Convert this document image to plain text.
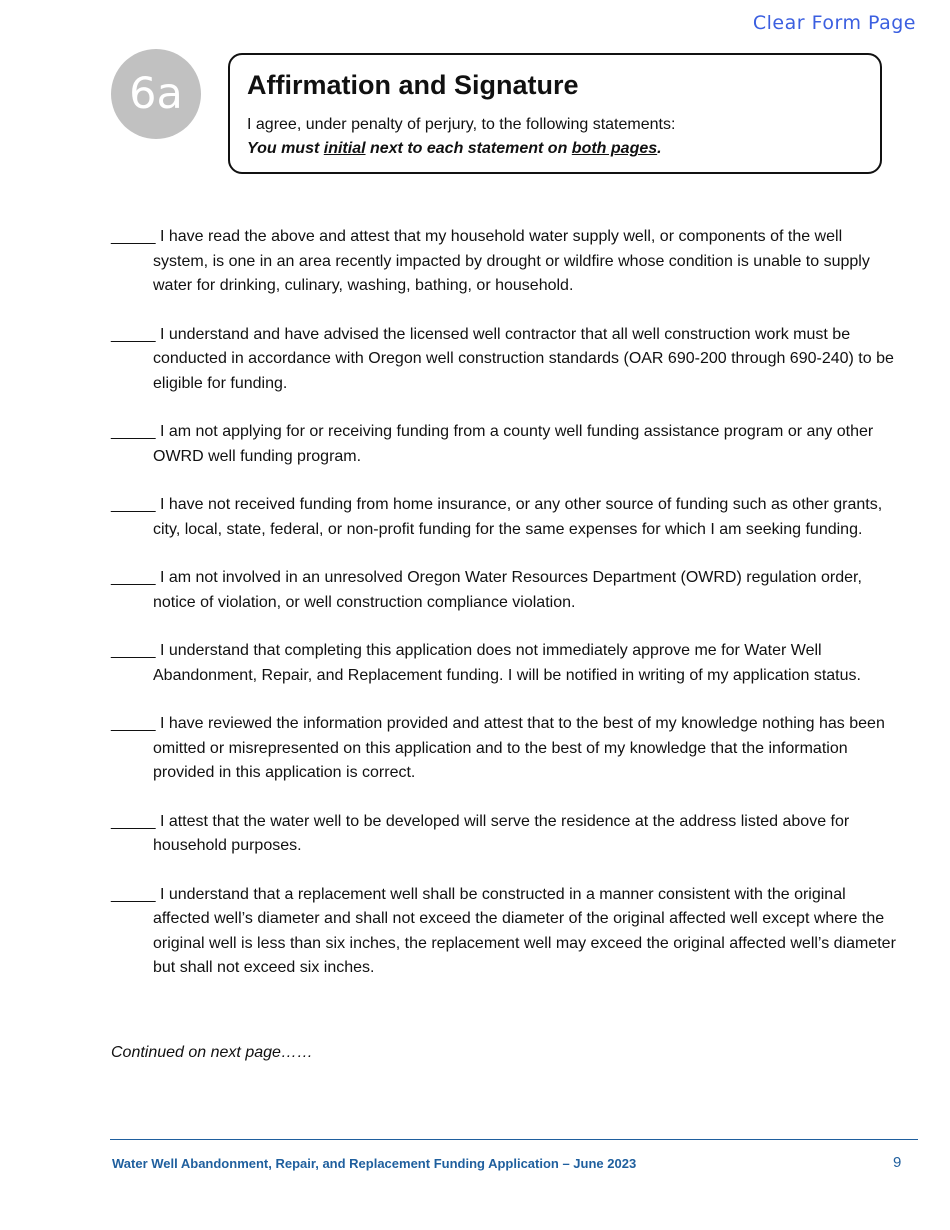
Clear Form Page
6a	Affirmation and Signature
I agree, under penalty of perjury, to the following statements:
You must initial next to each statement on both pages.
_____ I have read the above and attest that my household water supply well, or components of the well system, is one in an area recently impacted by drought or wildfire whose condition is unable to supply water for drinking, culinary, washing, bathing, or household.
_____ I understand and have advised the licensed well contractor that all well construction work must be conducted in accordance with Oregon well construction standards (OAR 690-200 through 690-240) to be eligible for funding.
_____ I am not applying for or receiving funding from a county well funding assistance program or any other OWRD well funding program.
_____ I have not received funding from home insurance, or any other source of funding such as other grants, city, local, state, federal, or non-profit funding for the same expenses for which I am seeking funding.
_____ I am not involved in an unresolved Oregon Water Resources Department (OWRD) regulation order, notice of violation, or well construction compliance violation.
_____ I understand that completing this application does not immediately approve me for Water Well Abandonment, Repair, and Replacement funding. I will be notified in writing of my application status.
_____ I have reviewed the information provided and attest that to the best of my knowledge nothing has been omitted or misrepresented on this application and to the best of my knowledge that the information provided in this application is correct.
_____ I attest that the water well to be developed will serve the residence at the address listed above for household purposes.
_____ I understand that a replacement well shall be constructed in a manner consistent with the original affected well’s diameter and shall not exceed the diameter of the original affected well except where the original well is less than six inches, the replacement well may exceed the original affected well’s diameter but shall not exceed six inches.
Continued on next page……
Water Well Abandonment, Repair, and Replacement Funding Application – June 2023	9
